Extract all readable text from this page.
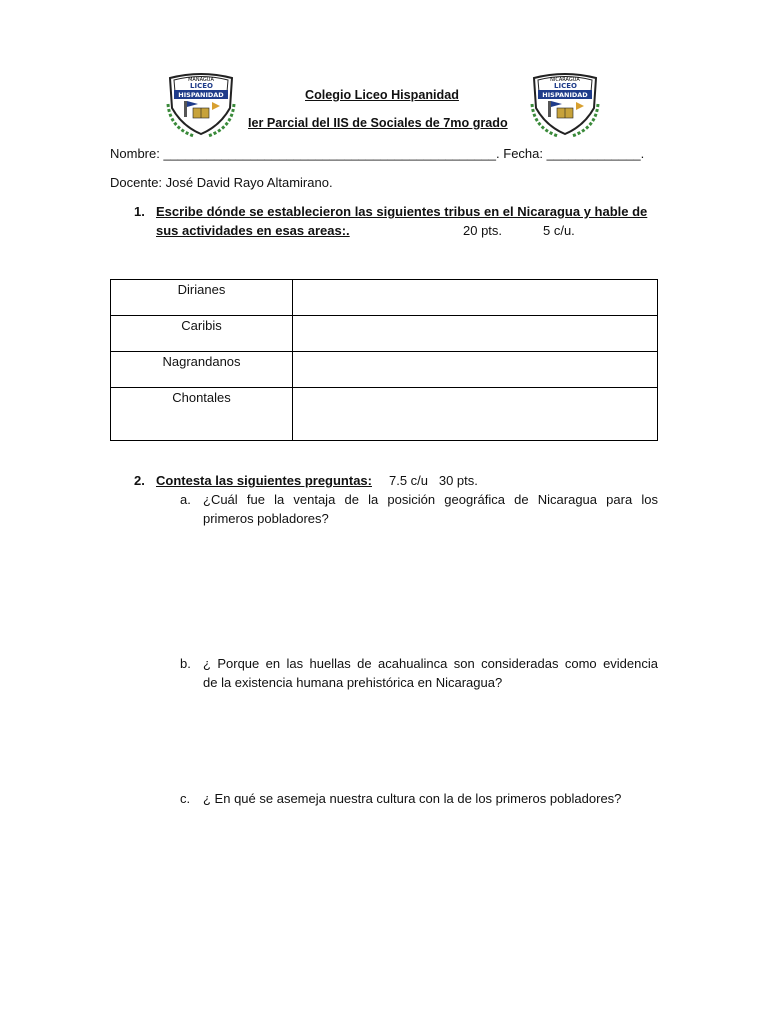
MANAGUA
LICEO
HISPANIDAD
NICARAGUA
LICEO
HISPANIDAD
Colegio Liceo Hispanidad
Ier Parcial del IIS de Sociales de 7mo grado
Nombre: ______________________________________________. Fecha: _____________.
Docente: José David Rayo Altamirano.
1. Escribe dónde se establecieron las siguientes tribus en el Nicaragua y hable de
sus actividades en esas areas:.	20 pts.	5 c/u.
Dirianes	
Caribis	
Nagrandanos	
Chontales	
2. Contesta las siguientes preguntas: 7.5 c/u   30 pts.
a. ¿Cuál fue la ventaja de la posición geográfica de Nicaragua para los
primeros pobladores?
b. ¿ Porque en las huellas de acahualinca son consideradas como evidencia
de la existencia humana prehistórica en Nicaragua?
c. ¿ En qué se asemeja nuestra cultura con la de los primeros pobladores?
